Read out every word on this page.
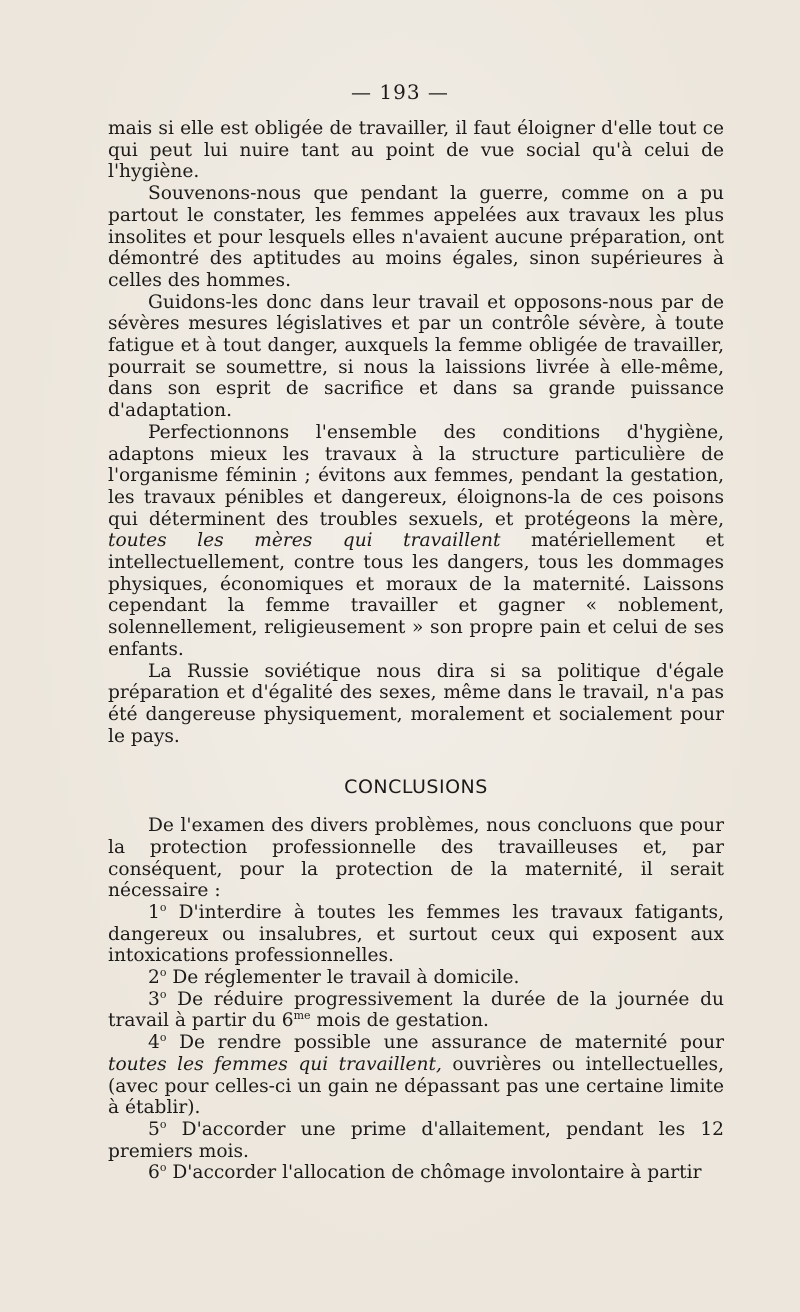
— 193 —

mais si elle est obligée de travailler, il faut éloigner d'elle tout ce qui peut lui nuire tant au point de vue social qu'à celui de l'hygiène.

Souvenons-nous que pendant la guerre, comme on a pu partout le constater, les femmes appelées aux travaux les plus insolites et pour lesquels elles n'avaient aucune préparation, ont démontré des aptitudes au moins égales, sinon supérieures à celles des hommes.

Guidons-les donc dans leur travail et opposons-nous par de sévères mesures législatives et par un contrôle sévère, à toute fatigue et à tout danger, auxquels la femme obligée de travailler, pourrait se soumettre, si nous la laissions livrée à elle-même, dans son esprit de sacrifice et dans sa grande puissance d'adaptation.

Perfectionnons l'ensemble des conditions d'hygiène, adaptons mieux les travaux à la structure particulière de l'organisme féminin ; évitons aux femmes, pendant la gestation, les travaux pénibles et dangereux, éloignons-la de ces poisons qui déterminent des troubles sexuels, et protégeons la mère, toutes les mères qui travaillent matériellement et intellectuellement, contre tous les dangers, tous les dommages physiques, économiques et moraux de la maternité. Laissons cependant la femme travailler et gagner « noblement, solennellement, religieusement » son propre pain et celui de ses enfants.

La Russie soviétique nous dira si sa politique d'égale préparation et d'égalité des sexes, même dans le travail, n'a pas été dangereuse physiquement, moralement et socialement pour le pays.

CONCLUSIONS

De l'examen des divers problèmes, nous concluons que pour la protection professionnelle des travailleuses et, par conséquent, pour la protection de la maternité, il serait nécessaire :

1$^o$ D'interdire à toutes les femmes les travaux fatigants, dangereux ou insalubres, et surtout ceux qui exposent aux intoxications professionnelles.

2$^o$ De réglementer le travail à domicile.

3$^o$ De réduire progressivement la durée de la journée du travail à partir du $6^{me}$ mois de gestation.

4$^o$ De rendre possible une assurance de maternité pour toutes les femmes qui travaillent, ouvrières ou intellectuelles, (avec pour celles-ci un gain ne dépassant pas une certaine limite à établir).

5$^o$ D'accorder une prime d'allaitement, pendant les 12 premiers mois.

6$^o$ D'accorder l'allocation de chômage involontaire à partir
